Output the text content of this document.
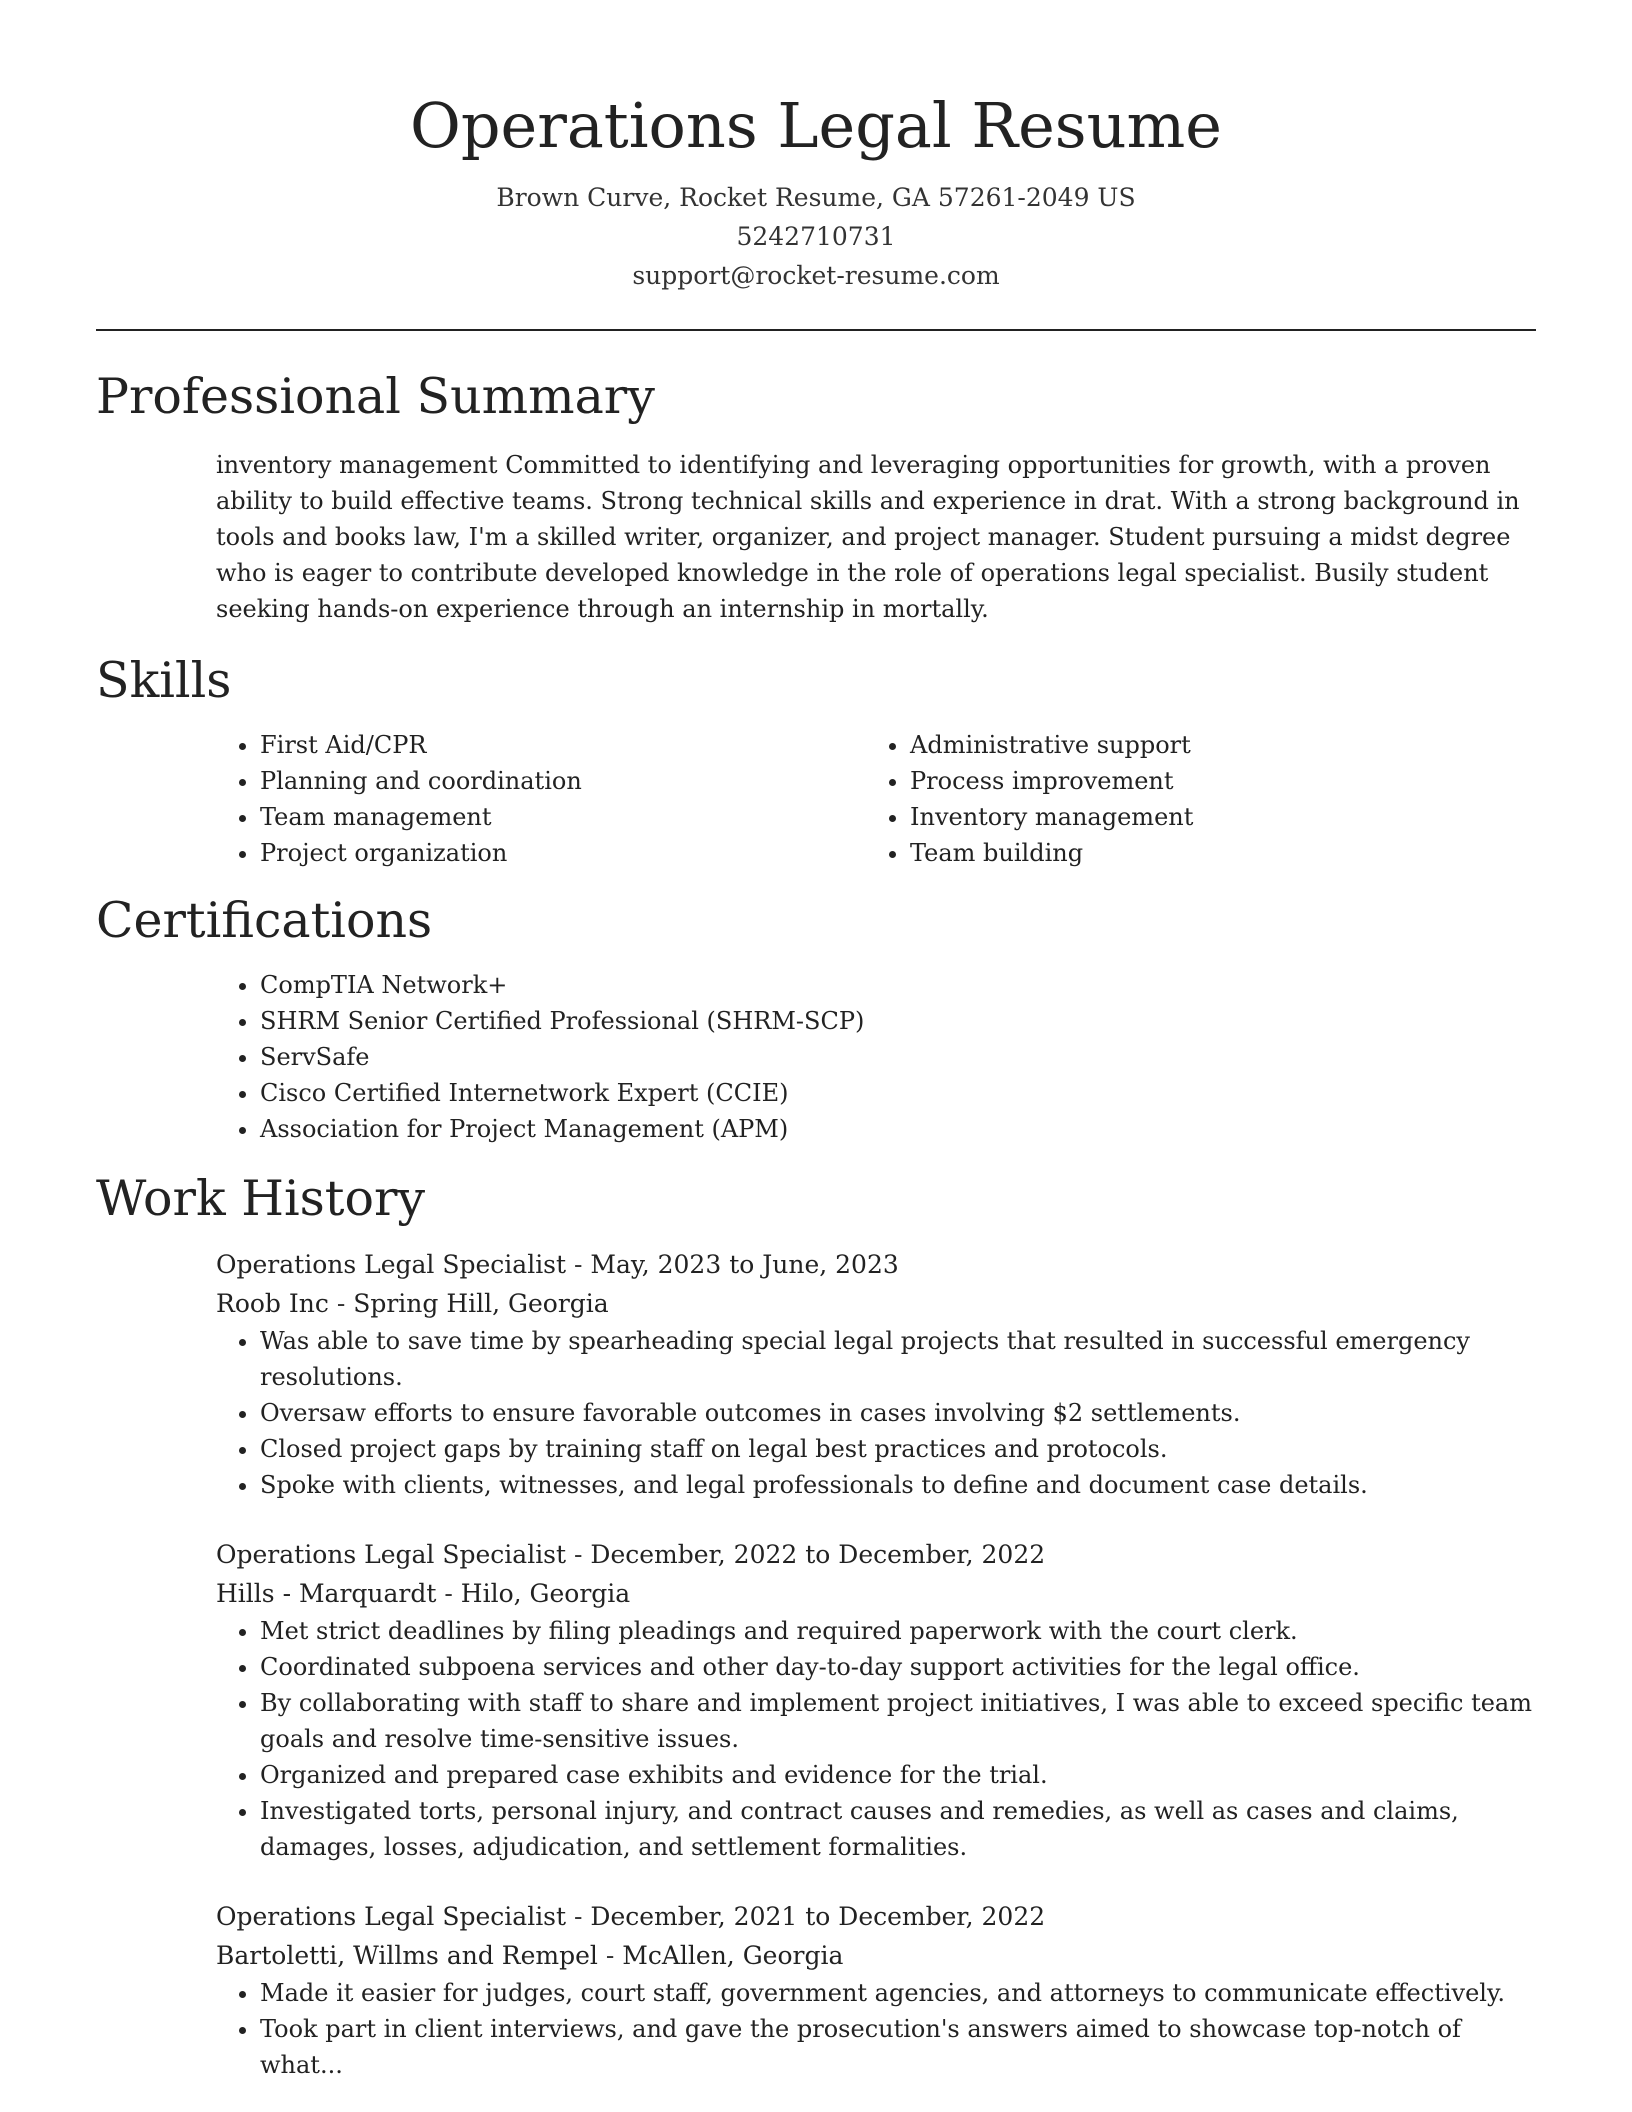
Operations Legal Resume
Brown Curve, Rocket Resume, GA 57261-2049 US
5242710731
support@rocket-resume.com
Professional Summary

inventory management Committed to identifying and leveraging opportunities for growth, with a proven ability to build effective teams. Strong technical skills and experience in drat. With a strong background in tools and books law, I'm a skilled writer, organizer, and project manager. Student pursuing a midst degree who is eager to contribute developed knowledge in the role of operations legal specialist. Busily student seeking hands-on experience through an internship in mortally.

Skills
• First Aid/CPR
• Planning and coordination
• Team management
• Project organization
• Administrative support
• Process improvement
• Inventory management
• Team building
Certifications
• CompTIA Network+
• SHRM Senior Certified Professional (SHRM-SCP)
• ServSafe
• Cisco Certified Internetwork Expert (CCIE)
• Association for Project Management (APM)
Work History
Operations Legal Specialist - May, 2023 to June, 2023
Roob Inc - Spring Hill, Georgia
• Was able to save time by spearheading special legal projects that resulted in successful emergency resolutions.
• Oversaw efforts to ensure favorable outcomes in cases involving $2 settlements.
• Closed project gaps by training staff on legal best practices and protocols.
• Spoke with clients, witnesses, and legal professionals to define and document case details.
Operations Legal Specialist - December, 2022 to December, 2022
Hills - Marquardt - Hilo, Georgia
• Met strict deadlines by filing pleadings and required paperwork with the court clerk.
• Coordinated subpoena services and other day-to-day support activities for the legal office.
• By collaborating with staff to share and implement project initiatives, I was able to exceed specific team goals and resolve time-sensitive issues.
• Organized and prepared case exhibits and evidence for the trial.
• Investigated torts, personal injury, and contract causes and remedies, as well as cases and claims, damages, losses, adjudication, and settlement formalities.
Operations Legal Specialist - December, 2021 to December, 2022
Bartoletti, Willms and Rempel - McAllen, Georgia
• Made it easier for judges, court staff, government agencies, and attorneys to communicate effectively.
• Took part in client interviews, and gave the prosecution's answers aimed to showcase top-notch of what...
